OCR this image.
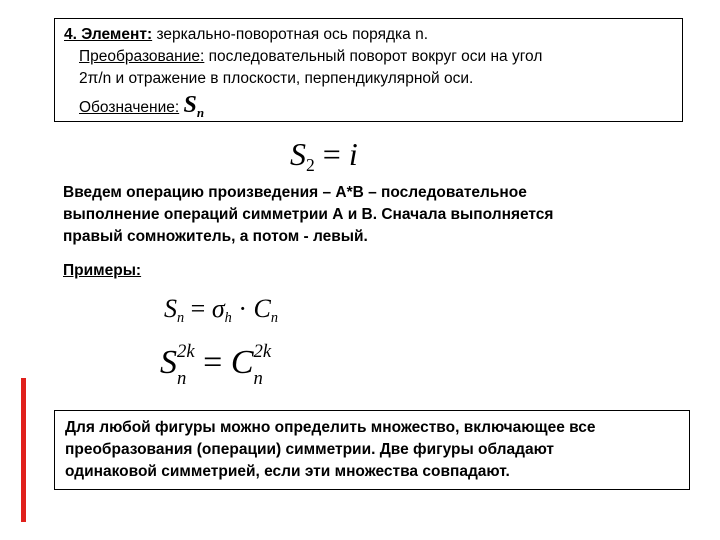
4. Элемент: зеркально-поворотная ось порядка n.
Преобразование: последовательный поворот вокруг оси на угол
2π/n и отражение в плоскости, перпендикулярной оси.
Обозначение: $S_n$
$S_2 = i$
Введем операцию произведения – А*В – последовательное
выполнение операций симметрии А и В. Сначала выполняется
правый сомножитель, а потом - левый.
Примеры:
$S_n = \sigma_h \cdot C_n$
S 2k
n = C 2k
n
Для любой фигуры можно определить множество, включающее все
преобразования (операции) симметрии. Две фигуры обладают
одинаковой симметрией, если эти множества совпадают.
